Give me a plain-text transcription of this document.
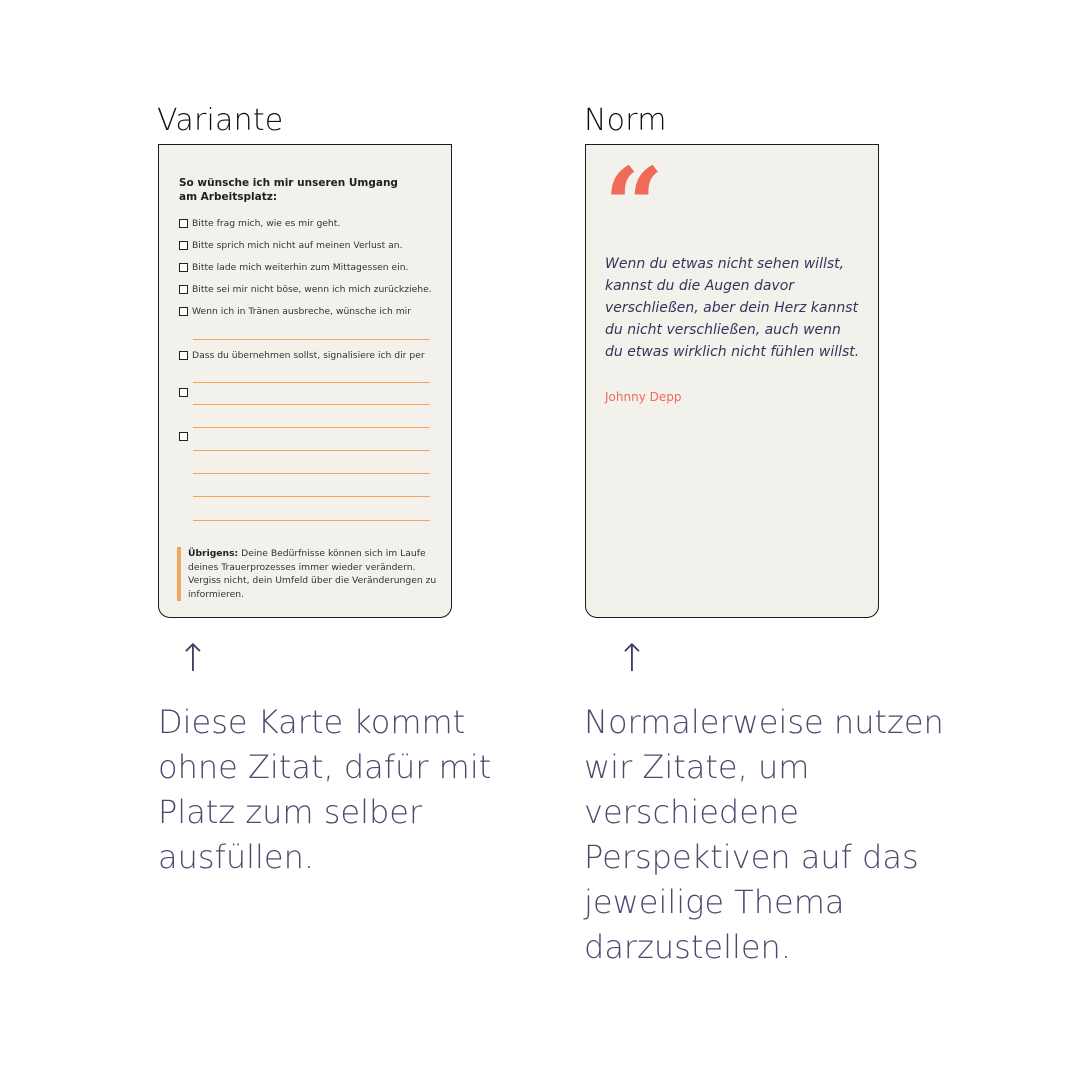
Variante
So wünsche ich mir unseren Umgang am Arbeitsplatz:
Bitte frag mich, wie es mir geht.
Bitte sprich mich nicht auf meinen Verlust an.
Bitte lade mich weiterhin zum Mittagessen ein.
Bitte sei mir nicht böse, wenn ich mich zurückziehe.
Wenn ich in Tränen ausbreche, wünsche ich mir
Dass du übernehmen sollst, signalisiere ich dir per
Übrigens: Deine Bedürfnisse können sich im Laufe deines Trauerprozesses immer wieder verändern. Vergiss nicht, dein Umfeld über die Veränderungen zu informieren.
↑
Diese Karte kommt
ohne Zitat, dafür mit
Platz zum selber
ausfüllen.
Norm
“
Wenn du etwas nicht sehen willst,
kannst du die Augen davor
verschließen, aber dein Herz kannst
du nicht verschließen, auch wenn
du etwas wirklich nicht fühlen willst.
Johnny Depp
↑
Normalerweise nutzen
wir Zitate, um
verschiedene
Perspektiven auf das
jeweilige Thema
darzustellen.
